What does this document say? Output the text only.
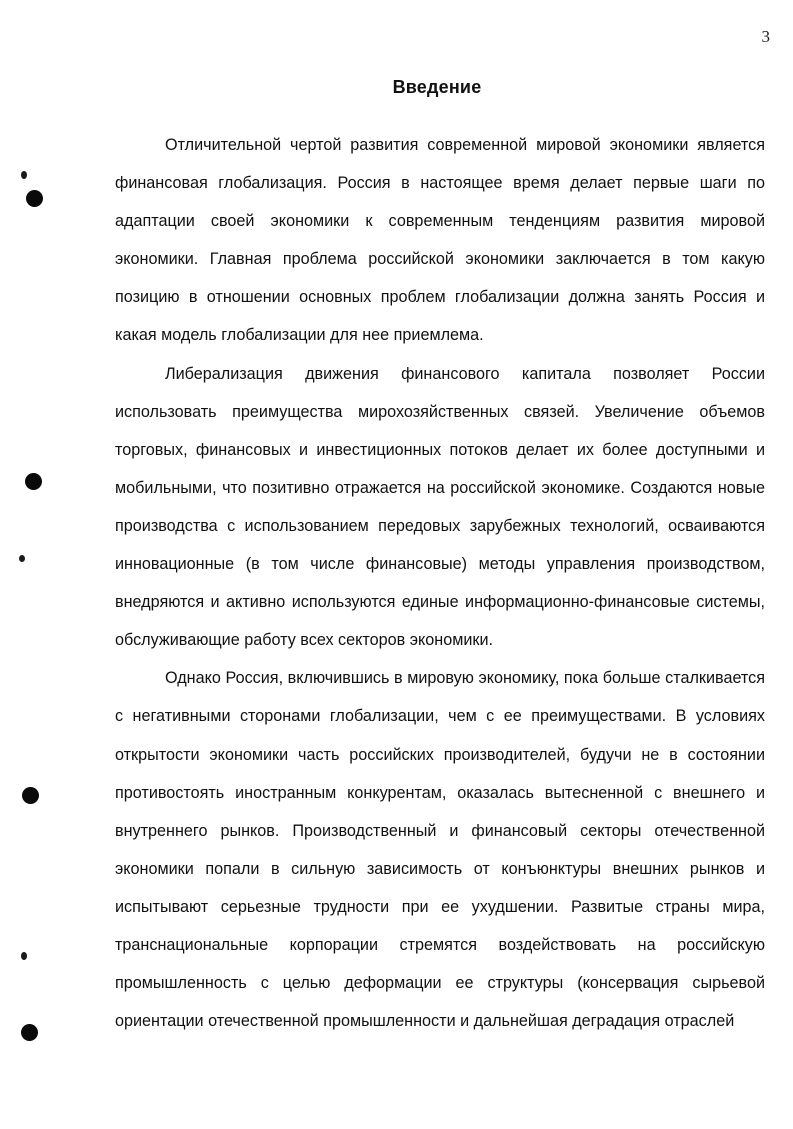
3
Введение

Отличительной чертой развития современной мировой экономики является финансовая глобализация. Россия в настоящее время делает первые шаги по адаптации своей экономики к современным тенденциям развития мировой экономики. Главная проблема российской экономики заключается в том какую позицию в отношении основных проблем глобализации должна занять Россия и какая модель глобализации для нее приемлема.

Либерализация движения финансового капитала позволяет России использовать преимущества мирохозяйственных связей. Увеличение объемов торговых, финансовых и инвестиционных потоков делает их более доступными и мобильными, что позитивно отражается на российской экономике. Создаются новые производства с использованием передовых зарубежных технологий, осваиваются инновационные (в том числе финансовые) методы управления производством, внедряются и активно используются единые информационно-финансовые системы, обслуживающие работу всех секторов экономики.

Однако Россия, включившись в мировую экономику, пока больше сталкивается с негативными сторонами глобализации, чем с ее преимуществами. В условиях открытости экономики часть российских производителей, будучи не в состоянии противостоять иностранным конкурентам, оказалась вытесненной с внешнего и внутреннего рынков. Производственный и финансовый секторы отечественной экономики попали в сильную зависимость от конъюнктуры внешних рынков и испытывают серьезные трудности при ее ухудшении. Развитые страны мира, транснациональные корпорации стремятся воздействовать на российскую промышленность с целью деформации ее структуры (консервация сырьевой ориентации отечественной промышленности и дальнейшая деградация отраслей
